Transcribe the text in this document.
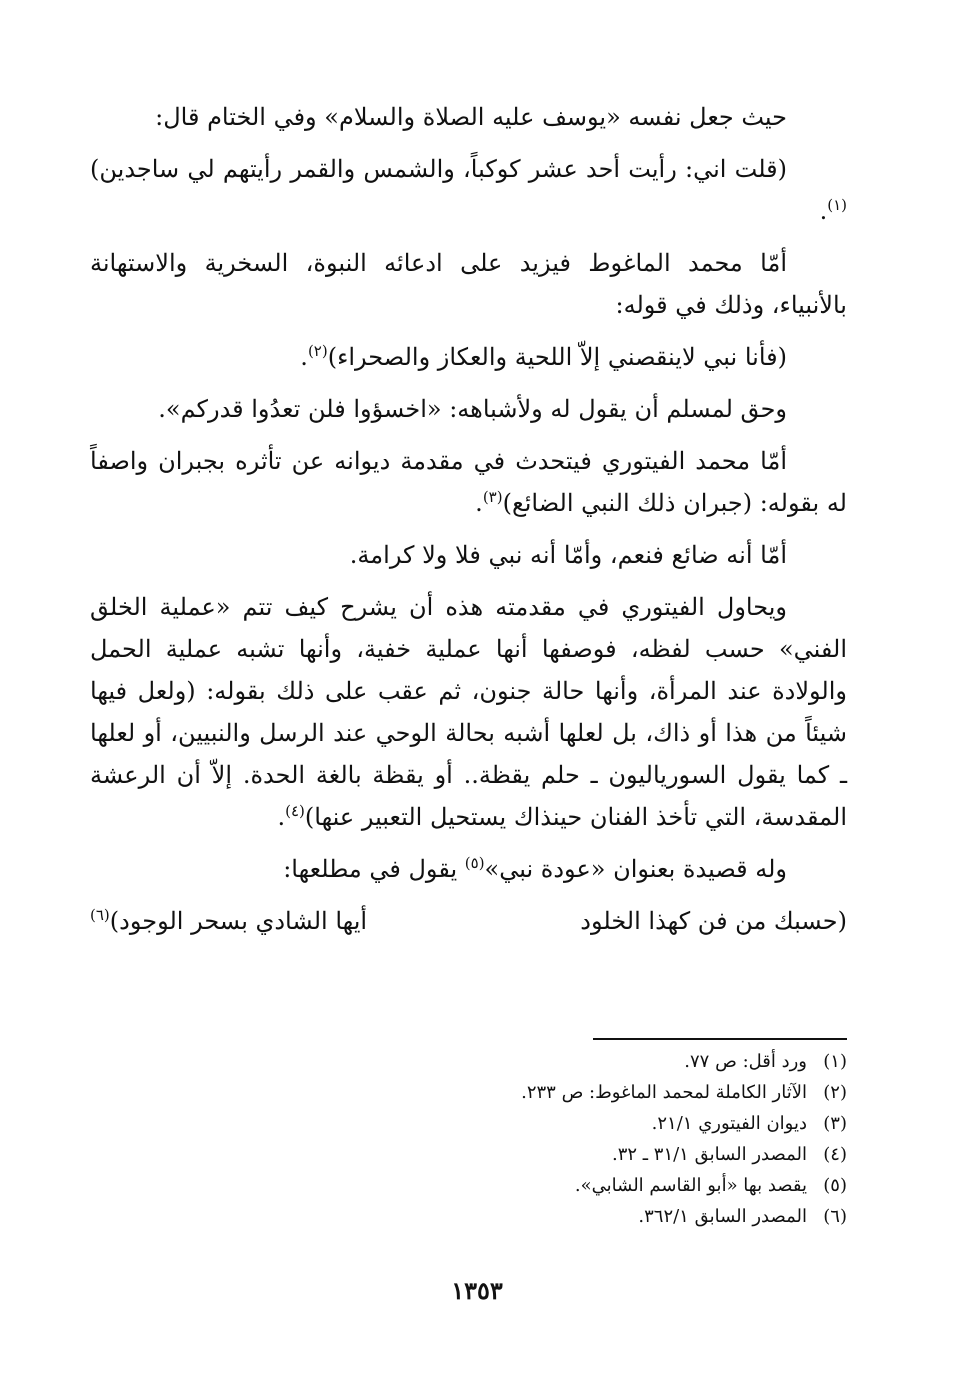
حيث جعل نفسه «يوسف عليه الصلاة والسلام» وفي الختام قال:

(قلت اني: رأيت أحد عشر كوكباً، والشمس والقمر رأيتهم لي ساجدين)$^{(١)}$.

أمّا محمد الماغوط فيزيد على ادعائه النبوة، السخرية والاستهانة بالأنبياء، وذلك في قوله:

(فأنا نبي لاينقصني إلاّ اللحية والعكاز والصحراء)$^{(٢)}$.

وحق لمسلم أن يقول له ولأشباهه: «اخسؤوا فلن تعدُوا قدركم».

أمّا محمد الفيتوري فيتحدث في مقدمة ديوانه عن تأثره بجبران واصفاً له بقوله: (جبران ذلك النبي الضائع)$^{(٣)}$.

أمّا أنه ضائع فنعم، وأمّا أنه نبي فلا ولا كرامة.

ويحاول الفيتوري في مقدمته هذه أن يشرح كيف تتم «عملية الخلق الفني» حسب لفظه، فوصفها أنها عملية خفية، وأنها تشبه عملية الحمل والولادة عند المرأة، وأنها حالة جنون، ثم عقب على ذلك بقوله: (ولعل فيها شيئاً من هذا أو ذاك، بل لعلها أشبه بحالة الوحي عند الرسل والنبيين، أو لعلها ـ كما يقول السورياليون ـ حلم يقظة.. أو يقظة بالغة الحدة. إلاّ أن الرعشة المقدسة، التي تأخذ الفنان حينذاك يستحيل التعبير عنها)$^{(٤)}$.

وله قصيدة بعنوان «عودة نبي»$^{(٥)}$ يقول في مطلعها:

(حسبك من فن كهذا الخلود
أيها الشادي بسحر الوجود)$^{(٦)}$
(١)ورد أقل: ص ٧٧.
(٢)الآثار الكاملة لمحمد الماغوط: ص ٢٣٣.
(٣)ديوان الفيتوري ٢١/١.
(٤)المصدر السابق ٣١/١ ـ ٣٢.
(٥)يقصد بها «أبو القاسم الشابي».
(٦)المصدر السابق ٣٦٢/١.
١٣٥٣
